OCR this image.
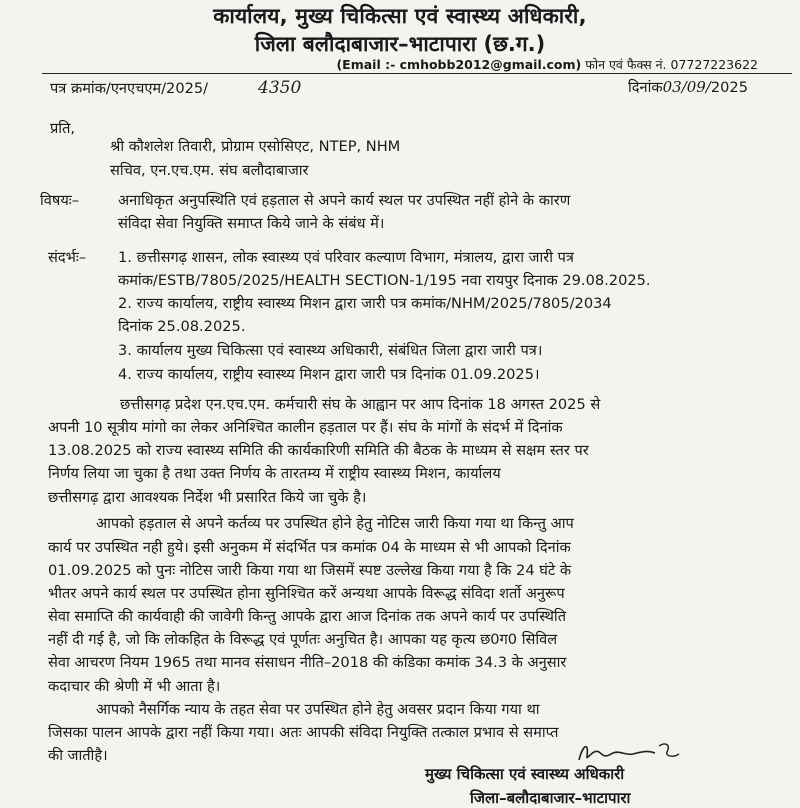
कार्यालय, मुख्य चिकित्सा एवं स्वास्थ्य अधिकारी,
जिला बलौदाबाजार–भाटापारा (छ.ग.)
(Email :- cmhobb2012@gmail.com) फोन एवं फैक्स नं. 07727223622
पत्र क्रमांक/एनएचएम/2025/	4350	दिनांक03/09/2025
प्रति,
श्री कौशलेश तिवारी, प्रोग्राम एसोसिएट, NTEP, NHM
सचिव, एन.एच.एम. संघ बलौदाबाजार
विषयः–	अनाधिकृत अनुपस्थिति एवं हड़ताल से अपने कार्य स्थल पर उपस्थित नहीं होने के कारण
संविदा सेवा नियुक्ति समाप्त किये जाने के संबंध में।
संदर्भः– 1. छत्तीसगढ़ शासन, लोक स्वास्थ्य एवं परिवार कल्याण विभाग, मंत्रालय, द्वारा जारी पत्र
कमांक/ESTB/7805/2025/HEALTH SECTION-1/195 नवा रायपुर दिनाक 29.08.2025.
2. राज्य कार्यालय, राष्ट्रीय स्वास्थ्य मिशन द्वारा जारी पत्र कमांक/NHM/2025/7805/2034
दिनांक 25.08.2025.
3. कार्यालय मुख्य चिकित्सा एवं स्वास्थ्य अधिकारी, संबंधित जिला द्वारा जारी पत्र।
4. राज्य कार्यालय, राष्ट्रीय स्वास्थ्य मिशन द्वारा जारी पत्र दिनांक 01.09.2025।
छत्तीसगढ़ प्रदेश एन.एच.एम. कर्मचारी संघ के आह्वान पर आप दिनांक 18 अगस्त 2025 से
अपनी 10 सूत्रीय मांगो का लेकर अनिश्चित कालीन हड़ताल पर हैं। संघ के मांगों के संदर्भ में दिनांक
13.08.2025 को राज्य स्वास्थ्य समिति की कार्यकारिणी समिति की बैठक के माध्यम से सक्षम स्तर पर
निर्णय लिया जा चुका है तथा उक्त निर्णय के तारतम्य में राष्ट्रीय स्वास्थ्य मिशन, कार्यालय
छत्तीसगढ़ द्वारा आवश्यक निर्देश भी प्रसारित किये जा चुके है।
आपको हड़ताल से अपने कर्तव्य पर उपस्थित होने हेतु नोटिस जारी किया गया था किन्तु आप
कार्य पर उपस्थित नही हुये। इसी अनुकम में संदर्भित पत्र कमांक 04 के माध्यम से भी आपको दिनांक
01.09.2025 को पुनः नोटिस जारी किया गया था जिसमें स्पष्ट उल्लेख किया गया है कि 24 घंटे के
भीतर अपने कार्य स्थल पर उपस्थित होना सुनिश्चित करें अन्यथा आपके विरूद्ध संविदा शर्तो अनुरूप
सेवा समाप्ति की कार्यवाही की जावेगी किन्तु आपके द्वारा आज दिनांक तक अपने कार्य पर उपस्थिति
नहीं दी गई है, जो कि लोकहित के विरूद्ध एवं पूर्णतः अनुचित है। आपका यह कृत्य छ0ग0 सिविल
सेवा आचरण नियम 1965 तथा मानव संसाधन नीति–2018 की कंडिका कमांक 34.3 के अनुसार
कदाचार की श्रेणी में भी आता है।
आपको नैसर्गिक न्याय के तहत सेवा पर उपस्थित होने हेतु अवसर प्रदान किया गया था
जिसका पालन आपके द्वारा नहीं किया गया। अतः आपकी संविदा नियुक्ति तत्काल प्रभाव से समाप्त
की जातीहै।
मुख्य चिकित्सा एवं स्वास्थ्य अधिकारी
जिला–बलौदाबाजार–भाटापारा
